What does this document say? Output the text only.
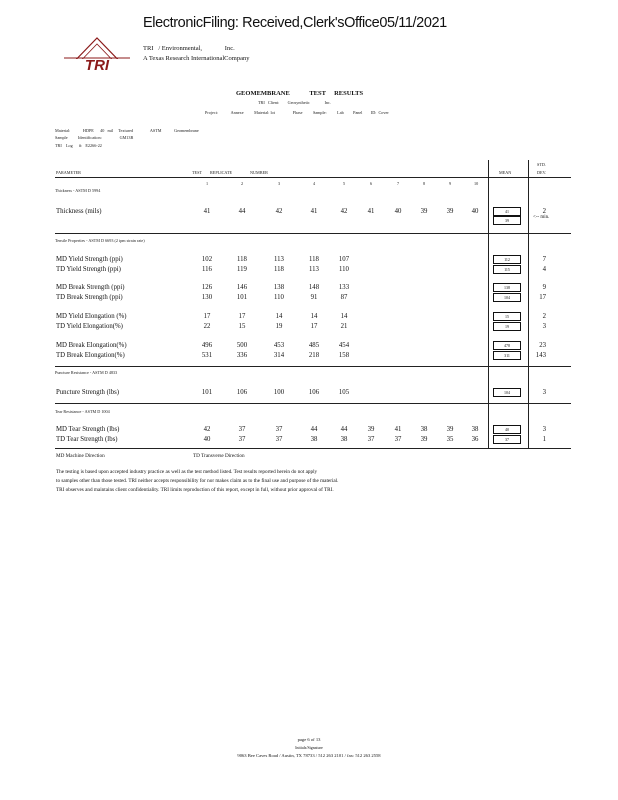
ElectronicFiling: Received,Clerk'sOffice05/11/2021
TRI
TRI / Environmental,	Inc.
A Texas Research InternationalCompany
GEOMEMBRANE	TEST RESULTS
TRI Client: Geosynthetic	Inc.
Project:	Annexe Material: lot	Fhase Sample: Lab Panel ID: Cover
Material:	HDPE 40 mil Textured	ASTM	Geomembrane
Sample Identification:	GM13B
TRI Log #: E2266-22
PARAMETER	TEST REPLICATE	NUMBER	MEAN
STD.
DEV.
1	2	3	4	5	6	7	8	9	10
Thickness - ASTM D 5994
Tensile Properties - ASTM D 6693 (2 ipm strain rate)
Puncture Resistance - ASTM D 4833
Tear Resistance - ASTM D 1004
Thickness (mils)	41	44	42	41	42	41	40	39	39	40	41	2
MD Yield Strength (ppi)	102	118	113	118	107	112	7
TD Yield Strength (ppi)	116	119	118	113	110	115	4
MD Break Strength (ppi)	126	146	138	148	133	138	9
TD Break Strength (ppi)	130	101	110	91	87	104	17
MD Yield Elongation (%)	17	17	14	14	14	15	2
TD Yield Elongation(%)	22	15	19	17	21	19	3
MD Break Elongation(%)	496	500	453	485	454	478	23
TD Break Elongation(%)	531	336	314	218	158	311	143
Puncture Strength (lbs)	101	106	100	106	105	104	3
MD Tear Strength (lbs)	42	37	37	44	44	39	41	38	39	38	40	3
TD Tear Strength (lbs)	40	37	37	38	38	37	37	39	35	36	37	1
39
<-- min.
MD Machine Direction	TD Transverse Direction
The testing is based upon accepted industry practice as well as the test method listed. Test results reported herein do not apply
to samples other than those tested. TRI neither accepts responsibility for nor makes claim as to the final use and purpose of the material.
TRI observes and maintains client confidentiality. TRI limits reproduction of this report, except in full, without prior approval of TRI.
page 6 of 13
Initials/Signature
9063 Bee Caves Road / Austin, TX 78733 / 512 263 2101 / fax: 512 263 2558
